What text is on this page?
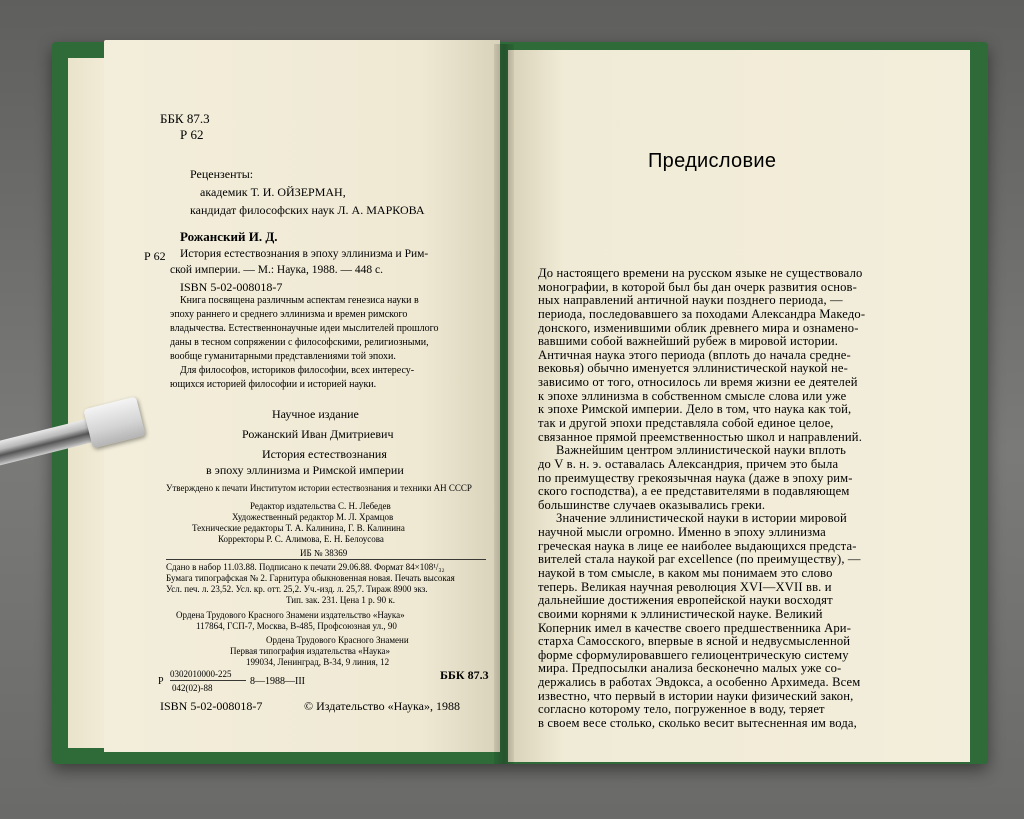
ББК 87.3
Р 62
Рецензенты:
академик Т. И. ОЙЗЕРМАН,
кандидат философских наук Л. А. МАРКОВА
Рожанский И. Д.
Р 62 История естествознания в эпоху эллинизма и Рим-
ской империи. — М.: Наука, 1988. — 448 с.
ISBN 5-02-008018-7
Книга посвящена различным аспектам генезиса науки в
эпоху раннего и среднего эллинизма и времен римского
владычества. Естественнонаучные идеи мыслителей прошлого
даны в тесном сопряжении с философскими, религиозными,
вообще гуманитарными представлениями той эпохи.
Для философов, историков философии, всех интересу-
ющихся историей философии и историей науки.
Научное издание
Рожанский Иван Дмитриевич
История естествознания
в эпоху эллинизма и Римской империи
Утверждено к печати Институтом истории естествознания и техники АН СССР
Редактор издательства С. Н. Лебедев
Художественный редактор М. Л. Храмцов
Технические редакторы Т. А. Калинина, Г. В. Калинина
Корректоры Р. С. Алимова, Е. Н. Белоусова
ИБ № 38369
Сдано в набор 11.03.88. Подписано к печати 29.06.88. Формат 84×108¹/₃₂
Бумага типографская № 2. Гарнитура обыкновенная новая. Печать высокая
Усл. печ. л. 23,52. Усл. кр. отт. 25,2. Уч.-изд. л. 25,7. Тираж 8900 экз.
Тип. зак. 231. Цена 1 р. 90 к.
Ордена Трудового Красного Знамени издательство «Наука»
117864, ГСП-7, Москва, В-485, Профсоюзная ул., 90
Ордена Трудового Красного Знамени
Первая типография издательства «Наука»
199034, Ленинград, В-34, 9 линия, 12
0302010000-225
Р
042(02)-88
8—1988—III	ББК 87.3
ISBN 5-02-008018-7	© Издательство «Наука», 1988
Предисловие
До настоящего времени на русском языке не существовало
монографии, в которой был бы дан очерк развития основ-
ных направлений античной науки позднего периода, —
периода, последовавшего за походами Александра Македо-
донского, изменившими облик древнего мира и ознамено-
вавшими собой важнейший рубеж в мировой истории.
Античная наука этого периода (вплоть до начала средне-
вековья) обычно именуется эллинистической наукой не-
зависимо от того, относилось ли время жизни ее деятелей
к эпохе эллинизма в собственном смысле слова или уже
к эпохе Римской империи. Дело в том, что наука как той,
так и другой эпохи представляла собой единое целое,
связанное прямой преемственностью школ и направлений.
Важнейшим центром эллинистической науки вплоть
до V в. н. э. оставалась Александрия, причем это была
по преимуществу грекоязычная наука (даже в эпоху рим-
ского господства), а ее представителями в подавляющем
большинстве случаев оказывались греки.
Значение эллинистической науки в истории мировой
научной мысли огромно. Именно в эпоху эллинизма
греческая наука в лице ее наиболее выдающихся предста-
вителей стала наукой par excellence (по преимуществу), —
наукой в том смысле, в каком мы понимаем это слово
теперь. Великая научная революция XVI—XVII вв. и
дальнейшие достижения европейской науки восходят
своими корнями к эллинистической науке. Великий
Коперник имел в качестве своего предшественника Ари-
старха Самосского, впервые в ясной и недвусмысленной
форме сформулировавшего гелиоцентрическую систему
мира. Предпосылки анализа бесконечно малых уже со-
держались в работах Эвдокса, а особенно Архимеда. Всем
известно, что первый в истории науки физический закон,
согласно которому тело, погруженное в воду, теряет
в своем весе столько, сколько весит вытесненная им вода,
